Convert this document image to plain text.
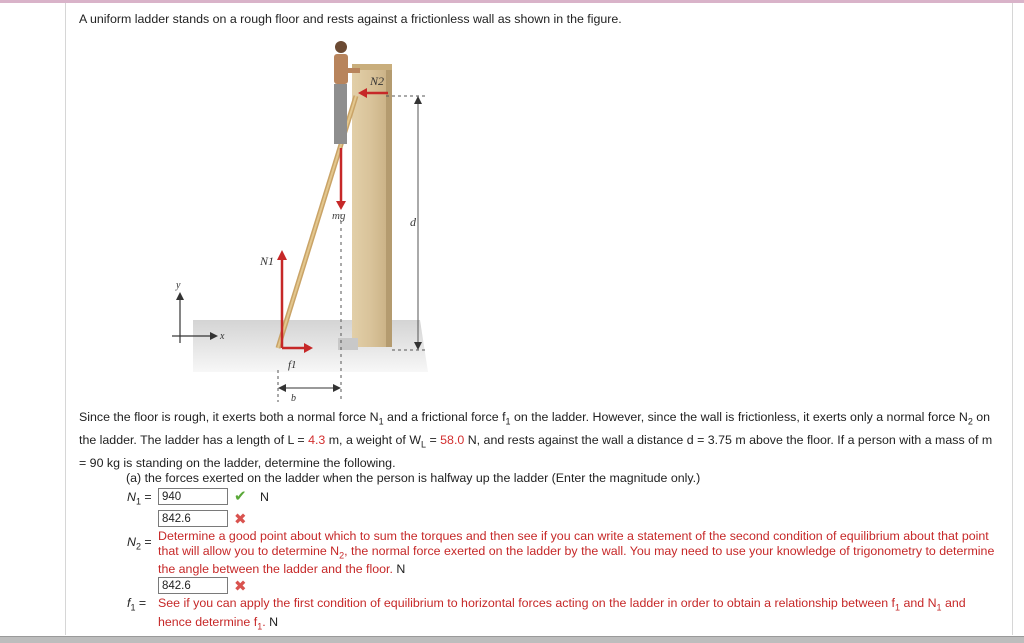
A uniform ladder stands on a rough floor and rests against a frictionless wall as shown in the figure.
N2
d
mg
N1
f1
b
y
x
Since the floor is rough, it exerts both a normal force $N_1$ and a frictional force $f_1$ on the ladder. However, since the wall is frictionless, it exerts only a normal force $N_2$ on the ladder. The ladder has a length of L = 4.3 m, a weight of $W_L = 58.0$ N, and rests against the wall a distance d = 3.75 m above the floor. If a person with a mass of m = 90 kg is standing on the ladder, determine the following.
(a) the forces exerted on the ladder when the person is halfway up the ladder (Enter the magnitude only.)
$N_1 = 940$	✔ N
842.6	✖
$N_2$ = Determine a good point about which to sum the torques and then see if you can write a statement of the second condition of equilibrium about that point that will allow you to determine $N_2$, the normal force exerted on the ladder by the wall. You may need to use your knowledge of trigonometry to determine the angle between the ladder and the floor. N
842.6	✖
$f_1$ = See if you can apply the first condition of equilibrium to horizontal forces acting on the ladder in order to obtain a relationship between $f_1$ and $N_1$ and hence determine $f_1$. N
